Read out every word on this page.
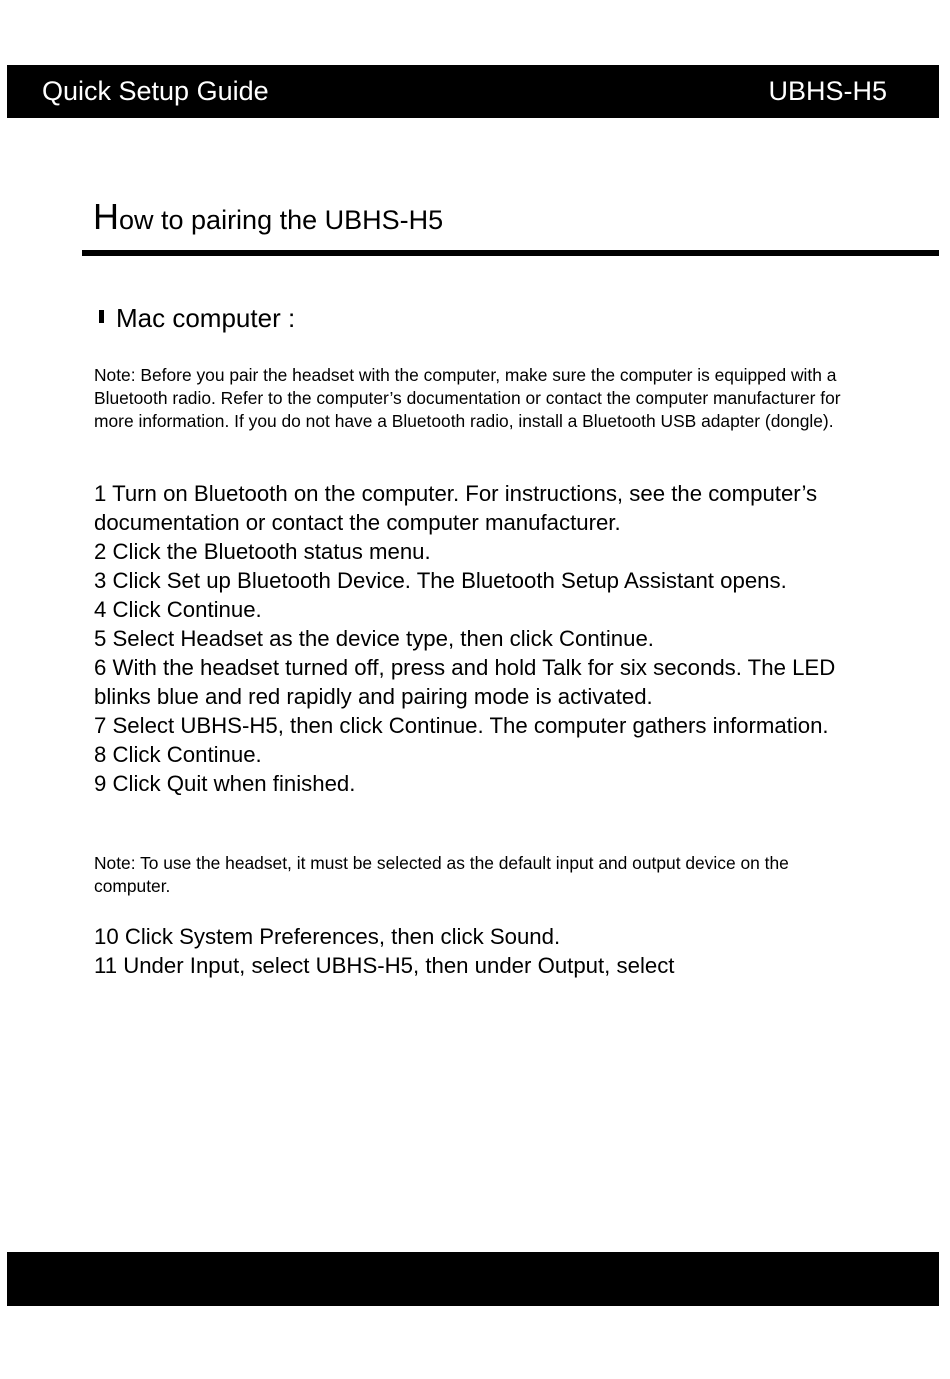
Quick Setup Guide	UBHS-H5
How to pairing the UBHS-H5
Mac computer :

Note: Before you pair the headset with the computer, make sure the computer is equipped with a Bluetooth radio. Refer to the computer’s documentation or contact the computer manufacturer for more information. If you do not have a Bluetooth radio, install a Bluetooth USB adapter (dongle).

1 Turn on Bluetooth on the computer. For instructions, see the computer’s documentation or contact the computer manufacturer.
2 Click the Bluetooth status menu.
3 Click Set up Bluetooth Device. The Bluetooth Setup Assistant opens.
4 Click Continue.
5 Select Headset as the device type, then click Continue.
6 With the headset turned off, press and hold Talk for six seconds. The LED blinks blue and red rapidly and pairing mode is activated.
7 Select UBHS-H5, then click Continue. The computer gathers information.
8 Click Continue.
9 Click Quit when finished.

Note: To use the headset, it must be selected as the default input and output device on the computer.

10 Click System Preferences, then click Sound.
11 Under Input, select UBHS-H5, then under Output, select
